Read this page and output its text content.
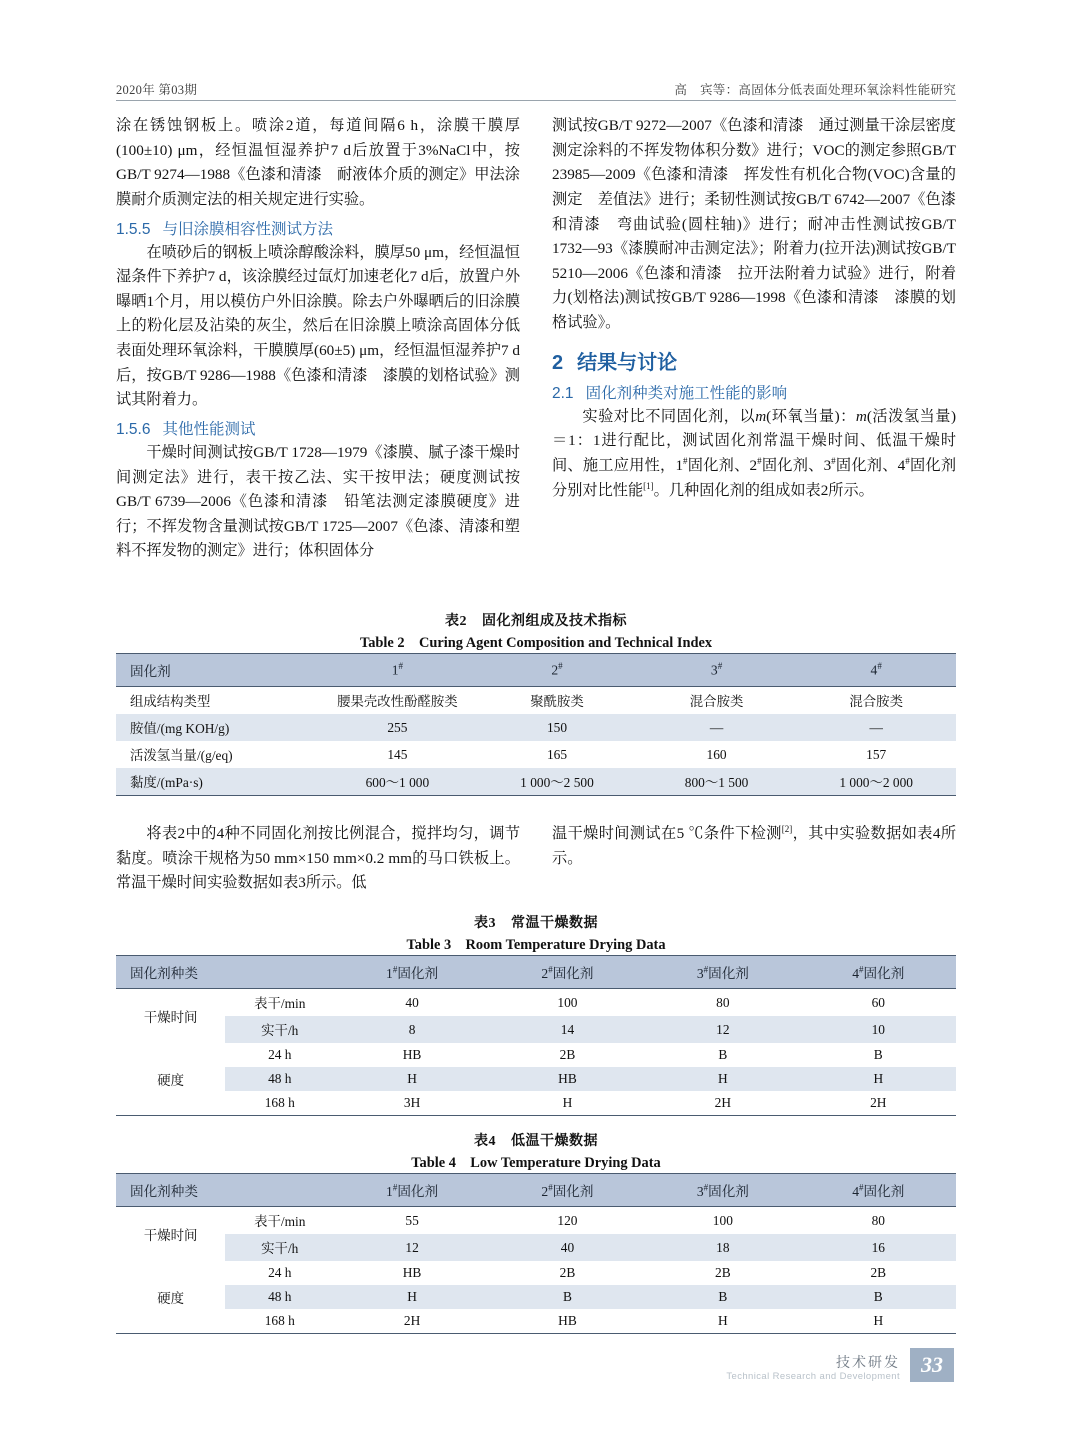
2020年 第03期	高　宾等：高固体分低表面处理环氧涂料性能研究

涂在锈蚀钢板上。喷涂2道，每道间隔6 h，涂膜干膜厚(100±10) μm，经恒温恒湿养护7 d后放置于3%NaCl中，按GB/T 9274—1988《色漆和清漆　耐液体介质的测定》甲法涂膜耐介质测定法的相关规定进行实验。

1.5.5 与旧涂膜相容性测试方法

在喷砂后的钢板上喷涂醇酸涂料，膜厚50 μm，经恒温恒湿条件下养护7 d，该涂膜经过氙灯加速老化7 d后，放置户外曝晒1个月，用以模仿户外旧涂膜。除去户外曝晒后的旧涂膜上的粉化层及沾染的灰尘，然后在旧涂膜上喷涂高固体分低表面处理环氧涂料，干膜膜厚(60±5) μm，经恒温恒湿养护7 d后，按GB/T 9286—1988《色漆和清漆　漆膜的划格试验》测试其附着力。

1.5.6 其他性能测试

干燥时间测试按GB/T 1728—1979《漆膜、腻子漆干燥时间测定法》进行，表干按乙法、实干按甲法；硬度测试按GB/T 6739—2006《色漆和清漆　铅笔法测定漆膜硬度》进行；不挥发物含量测试按GB/T 1725—2007《色漆、清漆和塑料不挥发物的测定》进行；体积固体分

测试按GB/T 9272—2007《色漆和清漆　通过测量干涂层密度测定涂料的不挥发物体积分数》进行；VOC的测定参照GB/T 23985—2009《色漆和清漆　挥发性有机化合物(VOC)含量的测定　差值法》进行；柔韧性测试按GB/T 6742—2007《色漆和清漆　弯曲试验(圆柱轴)》进行；耐冲击性测试按GB/T 1732—93《漆膜耐冲击测定法》；附着力(拉开法)测试按GB/T 5210—2006《色漆和清漆　拉开法附着力试验》进行，附着力(划格法)测试按GB/T 9286—1998《色漆和清漆　漆膜的划格试验》。

2 结果与讨论
2.1 固化剂种类对施工性能的影响

实验对比不同固化剂，以m(环氧当量)：m(活泼氢当量)＝1：1进行配比，测试固化剂常温干燥时间、低温干燥时间、施工应用性，1#固化剂、2#固化剂、3#固化剂、4#固化剂分别对比性能[1]。几种固化剂的组成如表2所示。

表2 固化剂组成及技术指标
Table 2　Curing Agent Composition and Technical Index
固化剂	1#	2#	3#	4#
组成结构类型	腰果壳改性酚醛胺类	聚酰胺类	混合胺类	混合胺类
胺值/(mg KOH/g)	255	150	—	—
活泼氢当量/(g/eq)	145	165	160	157
黏度/(mPa·s)	600～1 000	1 000～2 500	800～1 500	1 000～2 000

将表2中的4种不同固化剂按比例混合，搅拌均匀，调节黏度。喷涂干规格为50 mm×150 mm×0.2 mm的马口铁板上。常温干燥时间实验数据如表3所示。低

温干燥时间测试在5 ℃条件下检测[2]，其中实验数据如表4所示。

表3 常温干燥数据
Table 3　Room Temperature Drying Data
固化剂种类		1#固化剂	2#固化剂	3#固化剂	4#固化剂
干燥时间	表干/min	40	100	80	60
	实干/h	8	14	12	10
硬度	24 h	HB	2B	B	B
	48 h	H	HB	H	H
	168 h	3H	H	2H	2H
表4 低温干燥数据
Table 4　Low Temperature Drying Data
固化剂种类		1#固化剂	2#固化剂	3#固化剂	4#固化剂
干燥时间	表干/min	55	120	100	80
	实干/h	12	40	18	16
硬度	24 h	HB	2B	2B	2B
	48 h	H	B	B	B
	168 h	2H	HB	H	H
技术研发
Technical Research and Development 33
